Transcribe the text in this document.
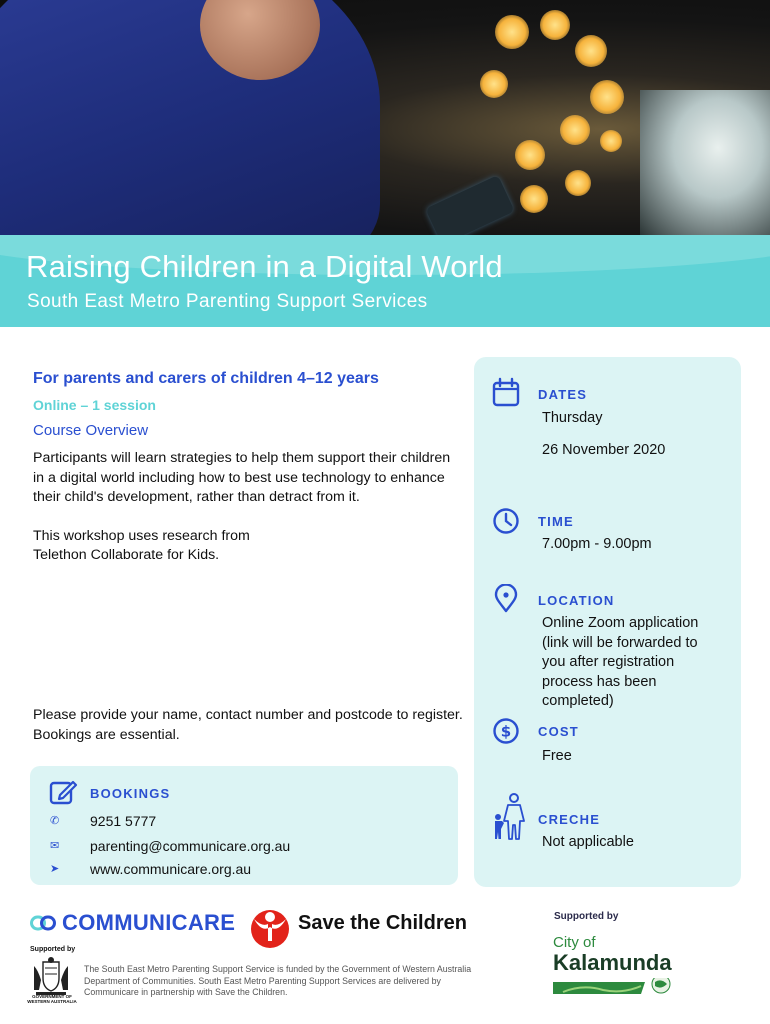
Raising Children in a Digital World
South East Metro Parenting Support Services
For parents and carers of children 4–12 years
Online – 1 session
Course Overview
Participants will learn strategies to help them support their children in a digital world including how to best use technology to enhance their child's development, rather than detract from it.
This workshop uses research from
Telethon Collaborate for Kids.
Please provide your name, contact number and postcode to register. Bookings are essential.
BOOKINGS
✆	9251 5777
✉	parenting@communicare.org.au
➤	www.communicare.org.au
DATES
Thursday
26 November 2020
TIME
7.00pm - 9.00pm
LOCATION
Online Zoom application
(link will be forwarded to
you after registration
process has been
completed)
$ COST
Free
CRECHE
Not applicable
COMMUNICARE	Save the Children
Supported by
GOVERNMENT OF WESTERN AUSTRALIA
The South East Metro Parenting Support Service is funded by the Government of Western Australia Department of Communities. South East Metro Parenting Support Services are delivered by Communicare in partnership with Save the Children.
Supported by
City of
Kalamunda
